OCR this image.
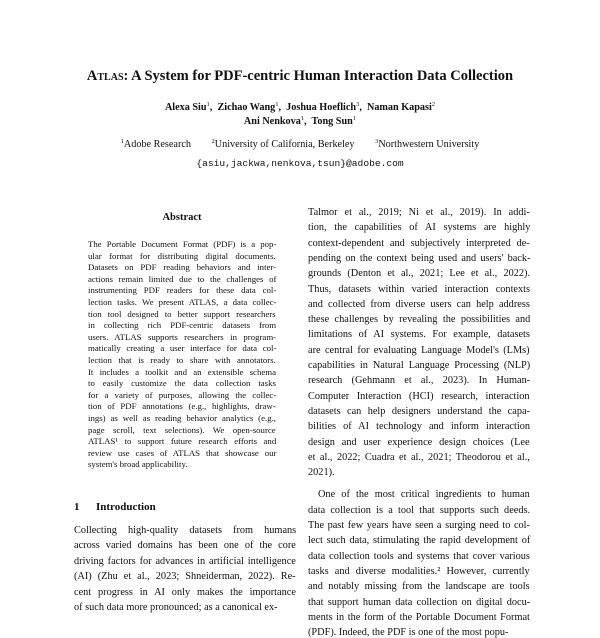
Atlas: A System for PDF-centric Human Interaction Data Collection
Alexa Siu$^1$,  Zichao Wang$^1$,  Joshua Hoeflich$^3$,  Naman Kapasi$^2$
Ani Nenkova$^1$,  Tong Sun$^1$
$^1$Adobe Research	$^2$University of California, Berkeley	$^3$Northwestern University
{asiu,jackwa,nenkova,tsun}@adobe.com
Abstract
The Portable Document Format (PDF) is a pop-
ular format for distributing digital documents.
Datasets on PDF reading behaviors and inter-
actions remain limited due to the challenges of
instrumenting PDF readers for these data col-
lection tasks. We present ATLAS, a data collec-
tion tool designed to better support researchers
in collecting rich PDF-centric datasets from
users. ATLAS supports researchers in program-
matically creating a user interface for data col-
lection that is ready to share with annotators.
It includes a toolkit and an extensible schema
to easily customize the data collection tasks
for a variety of purposes, allowing the collec-
tion of PDF annotations (e.g., highlights, draw-
ings) as well as reading behavior analytics (e.g.,
page scroll, text selections). We open-source
ATLAS¹ to support future research efforts and
review use cases of ATLAS that showcase our
system's broad applicability.
1 Introduction
Collecting high-quality datasets from humans
across varied domains has been one of the core
driving factors for advances in artificial intelligence
(AI) (Zhu et al., 2023; Shneiderman, 2022). Re-
cent progress in AI only makes the importance
of such data more pronounced; as a canonical ex-
Talmor et al., 2019; Ni et al., 2019). In addi-
tion, the capabilities of AI systems are highly
context-dependent and subjectively interpreted de-
pending on the context being used and users' back-
grounds (Denton et al., 2021; Lee et al., 2022).
Thus, datasets within varied interaction contexts
and collected from diverse users can help address
these challenges by revealing the possibilities and
limitations of AI systems. For example, datasets
are central for evaluating Language Model's (LMs)
capabilities in Natural Language Processing (NLP)
research (Gehmann et al., 2023). In Human-
Computer Interaction (HCI) research, interaction
datasets can help designers understand the capa-
bilities of AI technology and inform interaction
design and user experience design choices (Lee
et al., 2022; Cuadra et al., 2021; Theodorou et al.,
2021).
One of the most critical ingredients to human
data collection is a tool that supports such deeds.
The past few years have seen a surging need to col-
lect such data, stimulating the rapid development of
data collection tools and systems that cover various
tasks and diverse modalities.² However, currently
and notably missing from the landscape are tools
that support human data collection on digital docu-
ments in the form of the Portable Document Format
(PDF). Indeed, the PDF is one of the most popu-
